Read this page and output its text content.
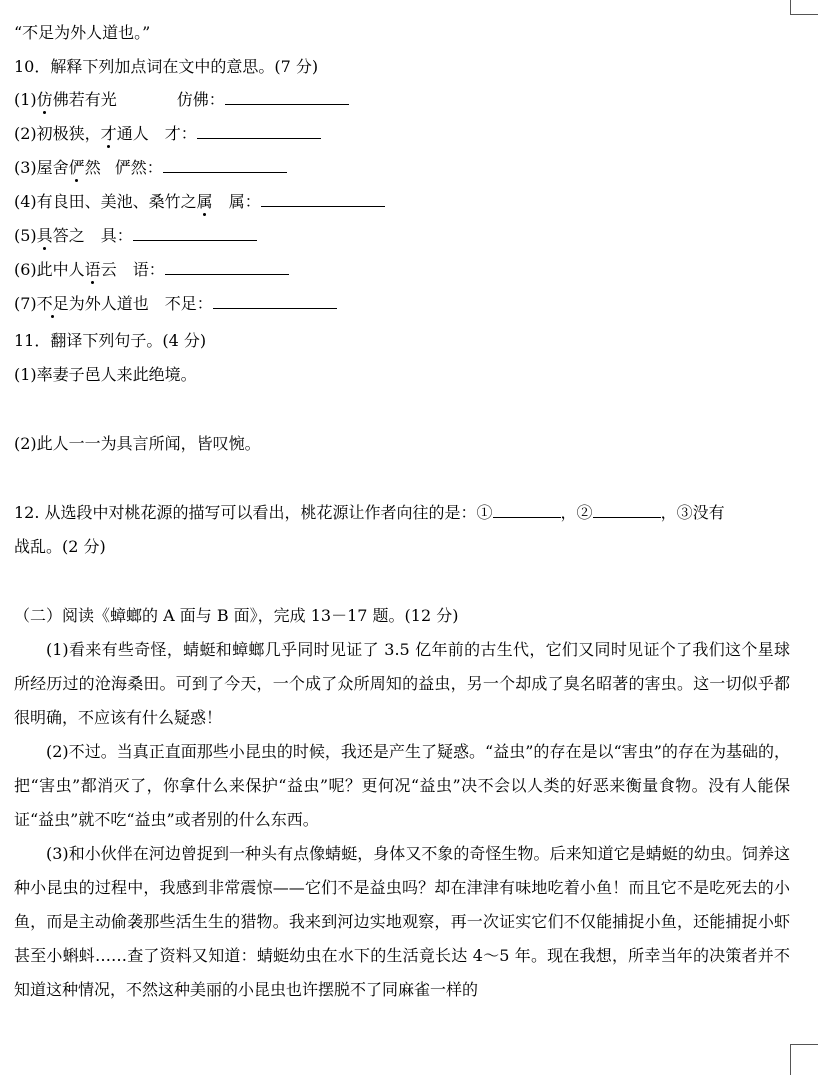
“不足为外人道也。”
10．解释下列加点词在文中的意思。(7 分)
(1)仿佛若有光	仿佛：
(2)初极狭，才通人 才：
(3)屋舍俨然 俨然：
(4)有良田、美池、桑竹之属 属：
(5)具答之 具：
(6)此中人语云 语：
(7)不足为外人道也 不足：
11．翻译下列句子。(4 分)
(1)率妻子邑人来此绝境。
(2)此人一一为具言所闻，皆叹惋。
12. 从选段中对桃花源的描写可以看出，桃花源让作者向往的是：①	，②	，③没有
战乱。(2 分)
（二）阅读《蟑螂的 A 面与 B 面》，完成 13－17 题。(12 分)
(1)看来有些奇怪，蜻蜓和蟑螂几乎同时见证了 3.5 亿年前的古生代，它们又同时见证个了我们这个星球所经历过的沧海桑田。可到了今天，一个成了众所周知的益虫，另一个却成了臭名昭著的害虫。这一切似乎都很明确，不应该有什么疑惑！
(2)不过。当真正直面那些小昆虫的时候，我还是产生了疑惑。“益虫”的存在是以“害虫”的存在为基础的，把“害虫”都消灭了，你拿什么来保护“益虫”呢？更何况“益虫”决不会以人类的好恶来衡量食物。没有人能保证“益虫”就不吃“益虫”或者别的什么东西。
(3)和小伙伴在河边曾捉到一种头有点像蜻蜓，身体又不象的奇怪生物。后来知道它是蜻蜓的幼虫。饲养这种小昆虫的过程中，我感到非常震惊——它们不是益虫吗？却在津津有味地吃着小鱼！而且它不是吃死去的小鱼，而是主动偷袭那些活生生的猎物。我来到河边实地观察，再一次证实它们不仅能捕捉小鱼，还能捕捉小虾甚至小蝌蚪……查了资料又知道：蜻蜓幼虫在水下的生活竟长达 4～5 年。现在我想，所幸当年的决策者并不知道这种情况，不然这种美丽的小昆虫也许摆脱不了同麻雀一样的
